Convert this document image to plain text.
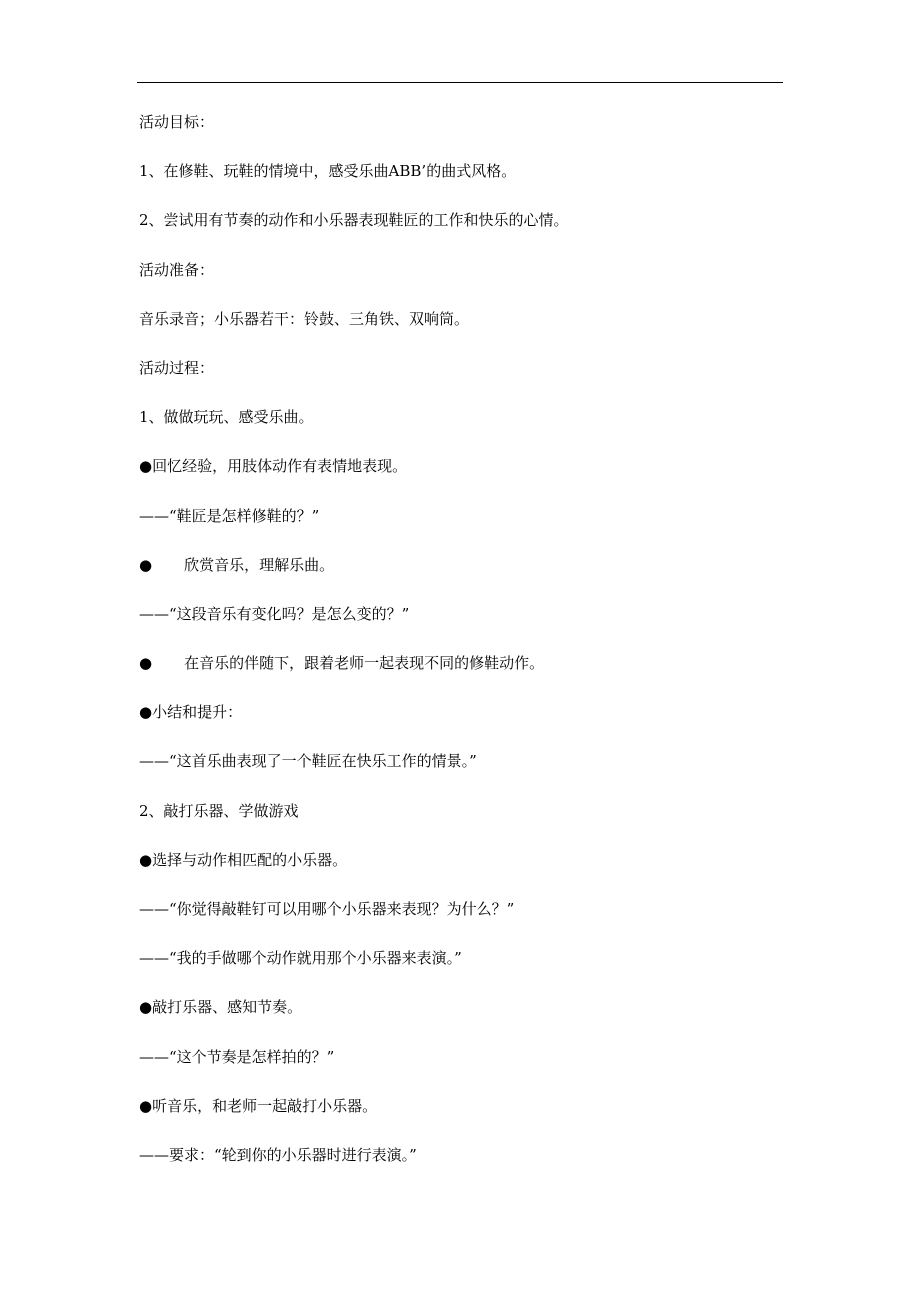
活动目标：
1、在修鞋、玩鞋的情境中，感受乐曲ABB’的曲式风格。
2、尝试用有节奏的动作和小乐器表现鞋匠的工作和快乐的心情。
活动准备：
音乐录音；小乐器若干：铃鼓、三角铁、双响筒。
活动过程：
1、做做玩玩、感受乐曲。
●回忆经验，用肢体动作有表情地表现。
——“鞋匠是怎样修鞋的？”
● 欣赏音乐，理解乐曲。
——“这段音乐有变化吗？是怎么变的？”
● 在音乐的伴随下，跟着老师一起表现不同的修鞋动作。
●小结和提升：
——“这首乐曲表现了一个鞋匠在快乐工作的情景。”
2、敲打乐器、学做游戏
●选择与动作相匹配的小乐器。
——“你觉得敲鞋钉可以用哪个小乐器来表现？为什么？”
——“我的手做哪个动作就用那个小乐器来表演。”
●敲打乐器、感知节奏。
——“这个节奏是怎样拍的？”
●听音乐，和老师一起敲打小乐器。
——要求：“轮到你的小乐器时进行表演。”
